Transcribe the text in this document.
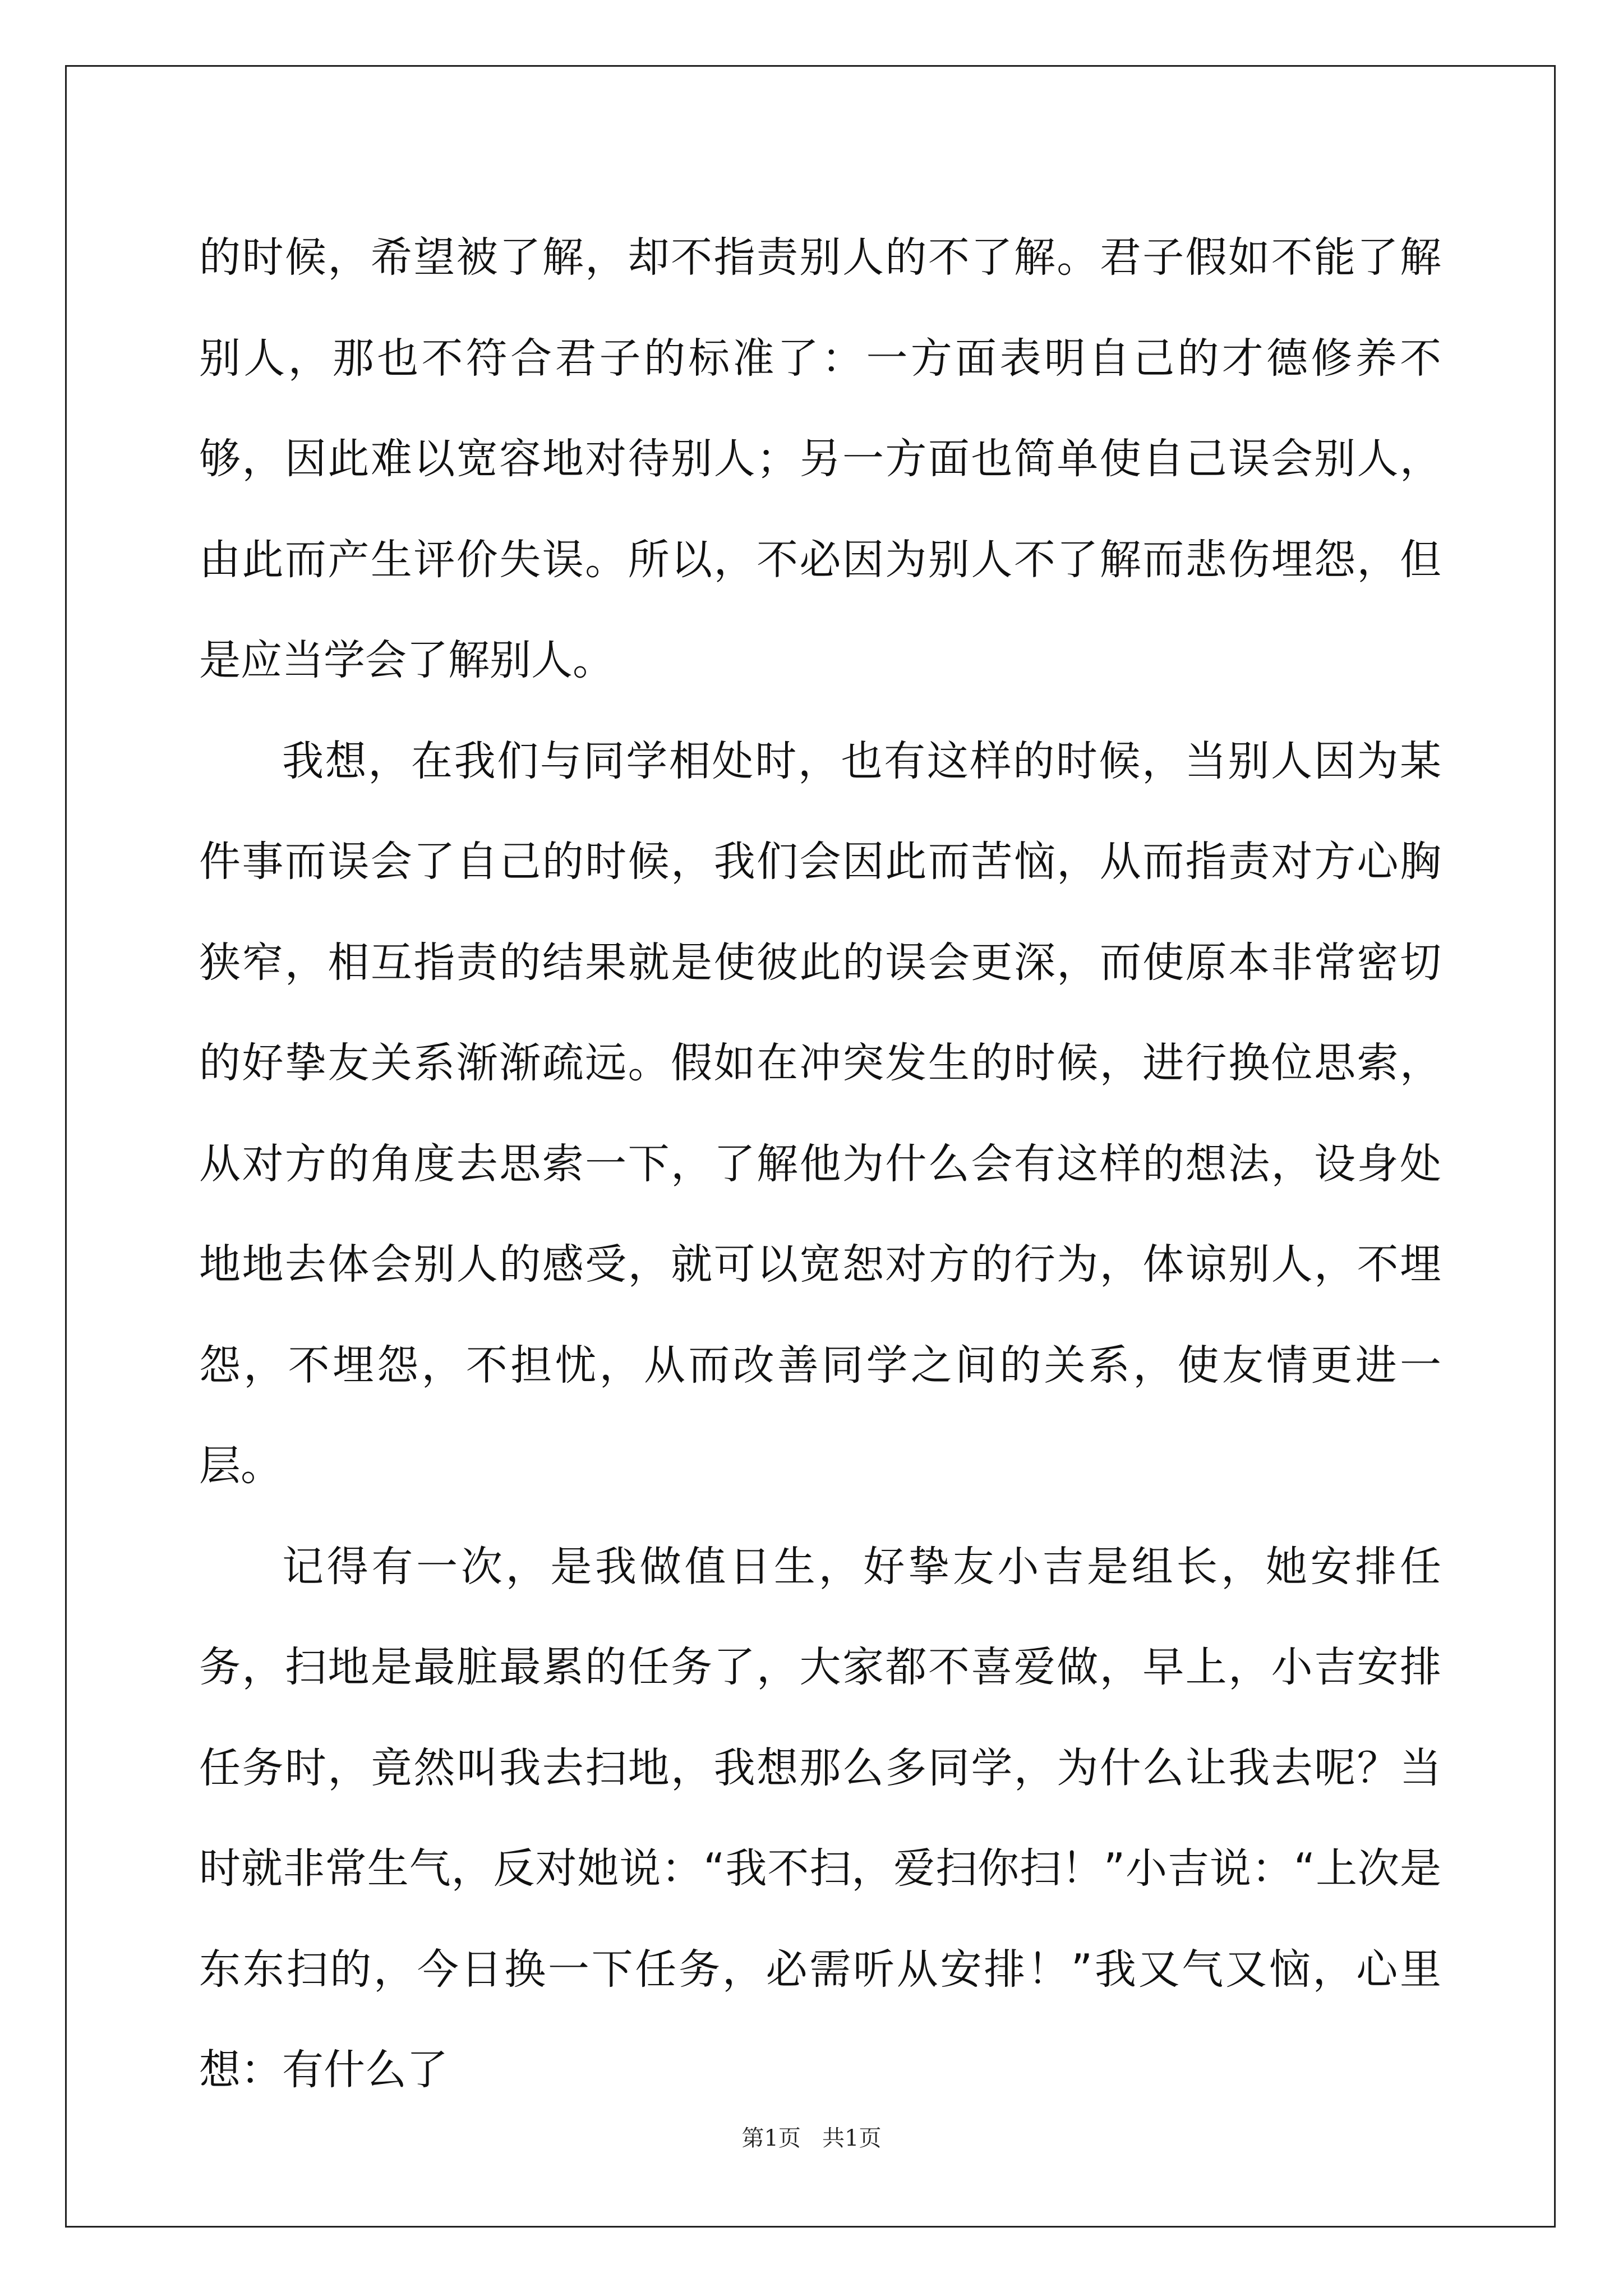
的时候，希望被了解，却不指责别人的不了解。君子假如不能了解别人，那也不符合君子的标准了：一方面表明自己的才德修养不够，因此难以宽容地对待别人；另一方面也简单使自己误会别人，由此而产生评价失误。所以，不必因为别人不了解而悲伤埋怨，但是应当学会了解别人。

我想，在我们与同学相处时，也有这样的时候，当别人因为某件事而误会了自己的时候，我们会因此而苦恼，从而指责对方心胸狭窄，相互指责的结果就是使彼此的误会更深，而使原本非常密切的好挚友关系渐渐疏远。假如在冲突发生的时候，进行换位思索，从对方的角度去思索一下，了解他为什么会有这样的想法，设身处地地去体会别人的感受，就可以宽恕对方的行为，体谅别人，不埋怨，不埋怨，不担忧，从而改善同学之间的关系，使友情更进一层。

记得有一次，是我做值日生，好挚友小吉是组长，她安排任务，扫地是最脏最累的任务了，大家都不喜爱做，早上，小吉安排任务时，竟然叫我去扫地，我想那么多同学，为什么让我去呢？当时就非常生气，反对她说：“我不扫，爱扫你扫！”小吉说：“上次是东东扫的，今日换一下任务，必需听从安排！”我又气又恼，心里想：有什么了

第1页   共1页
